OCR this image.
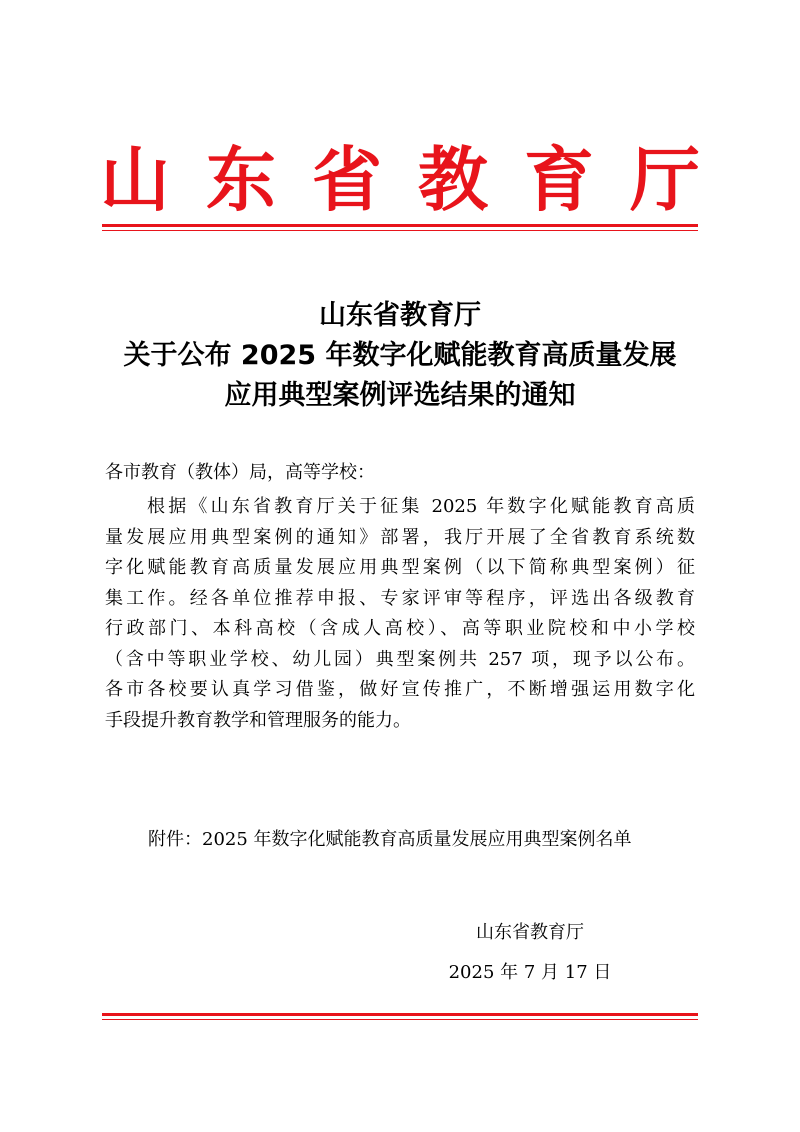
山 东 省 教 育 厅
山东省教育厅
关于公布 2025 年数字化赋能教育高质量发展
应用典型案例评选结果的通知
各市教育（教体）局，高等学校：
根据《山东省教育厅关于征集 2025 年数字化赋能教育高质
量发展应用典型案例的通知》部署，我厅开展了全省教育系统数
字化赋能教育高质量发展应用典型案例（以下简称典型案例）征
集工作。经各单位推荐申报、专家评审等程序，评选出各级教育
行政部门、本科高校（含成人高校）、高等职业院校和中小学校
（含中等职业学校、幼儿园）典型案例共 257 项，现予以公布。
各市各校要认真学习借鉴，做好宣传推广，不断增强运用数字化
手段提升教育教学和管理服务的能力。
附件：2025 年数字化赋能教育高质量发展应用典型案例名单
山东省教育厅
2025 年 7 月 17 日
